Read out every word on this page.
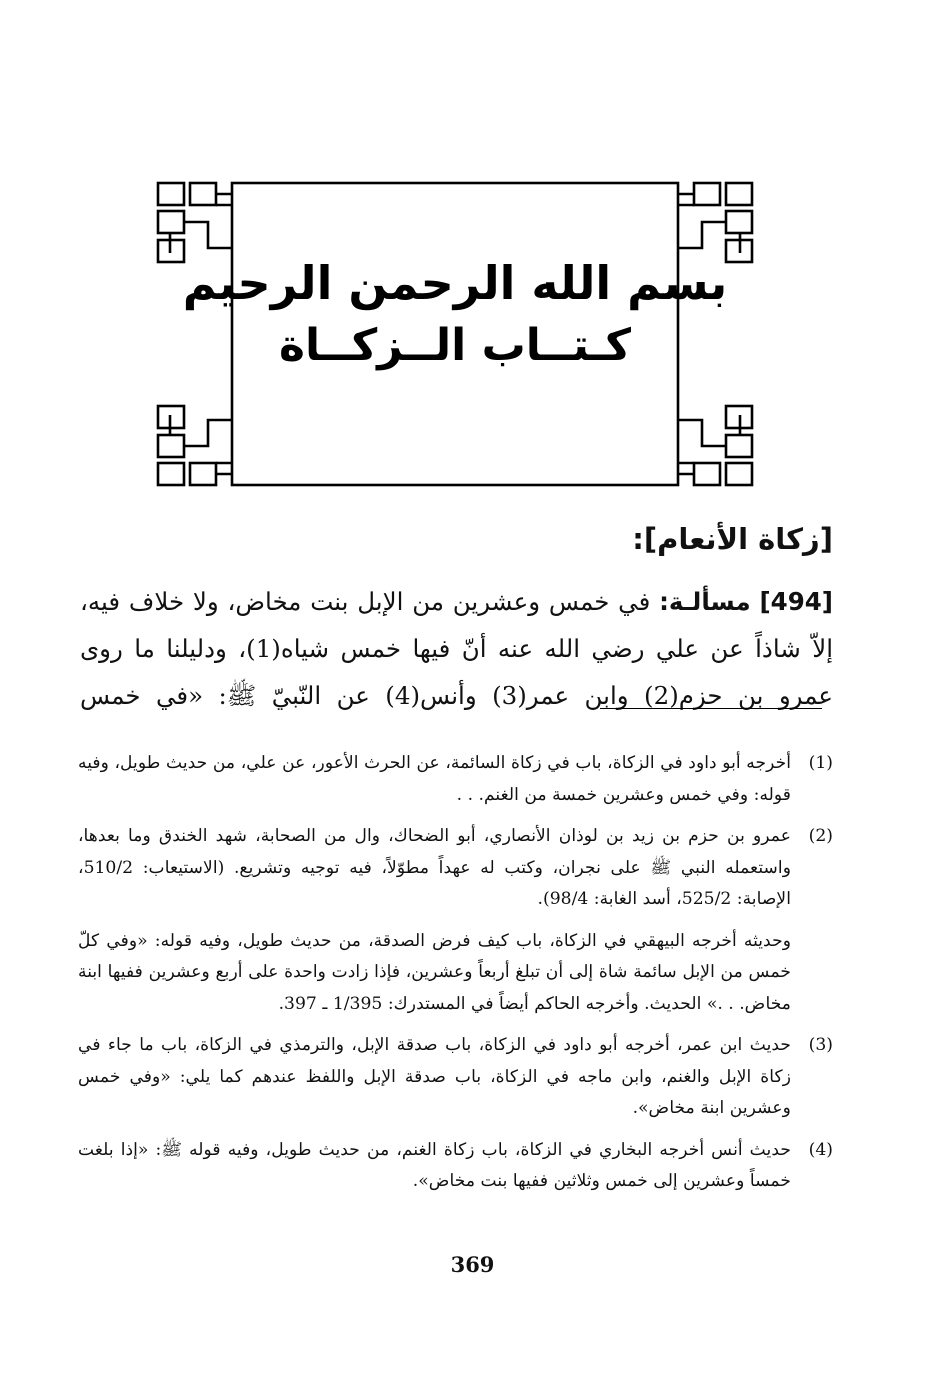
بسم الله الرحمن الرحيم
كـتــاب الــزكــاة
[زكاة الأنعام]:
[494] مسألـة: في خمس وعشرين من الإبل بنت مخاض، ولا خلاف فيه، إلاّ شاذاً عن علي رضي الله عنه أنّ فيها خمس شياه(1)، ودليلنا ما روى عمرو بن حزم(2) وابن عمر(3) وأنس(4) عن النّبيّ ﷺ: «في خمس
(1)

أخرجه أبو داود في الزكاة، باب في زكاة السائمة، عن الحرث الأعور، عن علي، من حديث طويل، وفيه قوله: وفي خمس وعشرين خمسة من الغنم. . .

(2)

عمرو بن حزم بن زيد بن لوذان الأنصاري، أبو الضحاك، وال من الصحابة، شهد الخندق وما بعدها، واستعمله النبي ﷺ على نجران، وكتب له عهداً مطوّلاً، فيه توجيه وتشريع. (الاستيعاب: 510/2، الإصابة: 525/2، أسد الغابة: 98/4).

وحديثه أخرجه البيهقي في الزكاة، باب كيف فرض الصدقة، من حديث طويل، وفيه قوله: «وفي كلّ خمس من الإبل سائمة شاة إلى أن تبلغ أربعاً وعشرين، فإذا زادت واحدة على أربع وعشرين ففيها ابنة مخاض. . .» الحديث. وأخرجه الحاكم أيضاً في المستدرك: 1/395 ـ 397.

(3)

حديث ابن عمر، أخرجه أبو داود في الزكاة، باب صدقة الإبل، والترمذي في الزكاة، باب ما جاء في زكاة الإبل والغنم، وابن ماجه في الزكاة، باب صدقة الإبل واللفظ عندهم كما يلي: «وفي خمس وعشرين ابنة مخاض».

(4)

حديث أنس أخرجه البخاري في الزكاة، باب زكاة الغنم، من حديث طويل، وفيه قوله ﷺ: «إذا بلغت خمساً وعشرين إلى خمس وثلاثين ففيها بنت مخاض».

369
